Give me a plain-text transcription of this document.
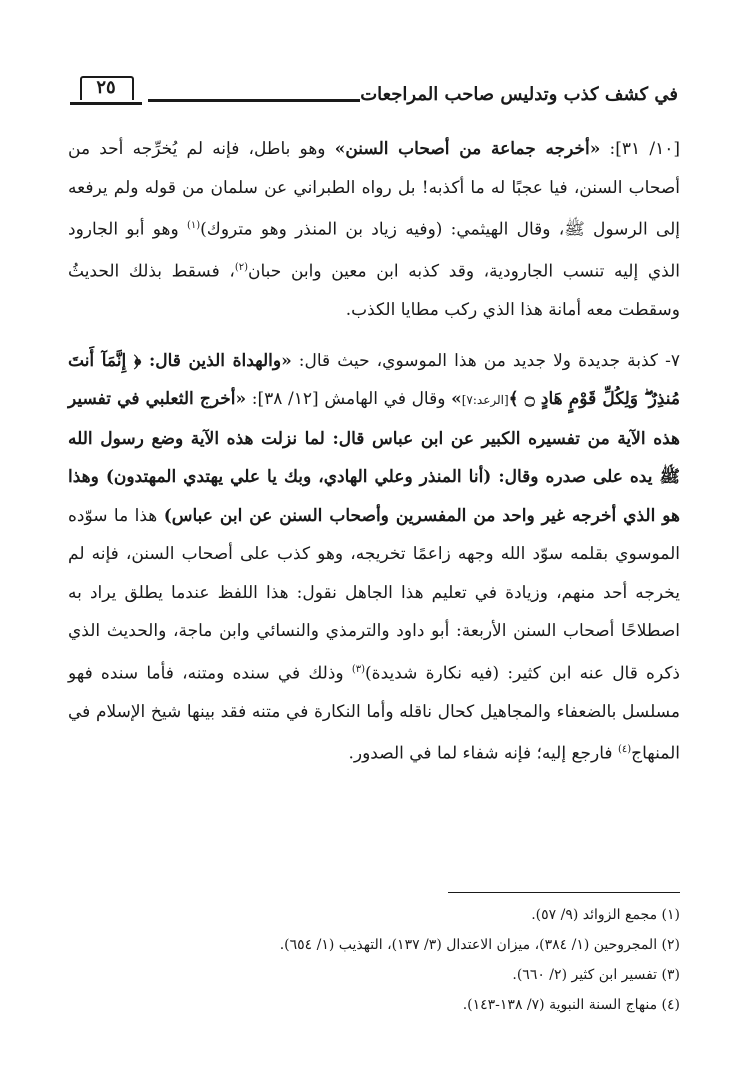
في كشف كذب وتدليس صاحب المراجعات
٢٥

[١٠/ ٣١]: «أخرجه جماعة من أصحاب السنن» وهو باطل، فإنه لم يُخرِّجه أحد من أصحاب السنن، فيا عجبًا له ما أكذبه! بل رواه الطبراني عن سلمان من قوله ولم يرفعه إلى الرسول ﷺ، وقال الهيثمي: (وفيه زياد بن المنذر وهو متروك)$^{(١)}$ وهو أبو الجارود الذي إليه تنسب الجارودية، وقد كذبه ابن معين وابن حبان$^{(٢)}$، فسقط بذلك الحديثُ وسقطت معه أمانة هذا الذي ركب مطايا الكذب.

٧- كذبة جديدة ولا جديد من هذا الموسوي، حيث قال: «والهداة الذين قال: ﴿ إِنَّمَآ أَنتَ مُنذِرٌ ۖ وَلِكُلِّ قَوْمٍ هَادٍ ۝ ﴾[الرعد:٧]» وقال في الهامش [١٢/ ٣٨]: «أخرج الثعلبي في تفسير هذه الآية من تفسيره الكبير عن ابن عباس قال: لما نزلت هذه الآية وضع رسول الله ﷺ يده على صدره وقال: (أنا المنذر وعلي الهادي، وبك يا علي يهتدي المهتدون) وهذا هو الذي أخرجه غير واحد من المفسرين وأصحاب السنن عن ابن عباس) هذا ما سوّده الموسوي بقلمه سوّد الله وجهه زاعمًا تخريجه، وهو كذب على أصحاب السنن، فإنه لم يخرجه أحد منهم، وزيادة في تعليم هذا الجاهل نقول: هذا اللفظ عندما يطلق يراد به اصطلاحًا أصحاب السنن الأربعة: أبو داود والترمذي والنسائي وابن ماجة، والحديث الذي ذكره قال عنه ابن كثير: (فيه نكارة شديدة)$^{(٣)}$ وذلك في سنده ومتنه، فأما سنده فهو مسلسل بالضعفاء والمجاهيل كحال ناقله وأما النكارة في متنه فقد بينها شيخ الإسلام في المنهاج$^{(٤)}$ فارجع إليه؛ فإنه شفاء لما في الصدور.

(١) مجمع الزوائد (٩/ ٥٧).

(٢) المجروحين (١/ ٣٨٤)، ميزان الاعتدال (٣/ ١٣٧)، التهذيب (١/ ٦٥٤).

(٣) تفسير ابن كثير (٢/ ٦٦٠).

(٤) منهاج السنة النبوية (٧/ ١٣٨-١٤٣).
